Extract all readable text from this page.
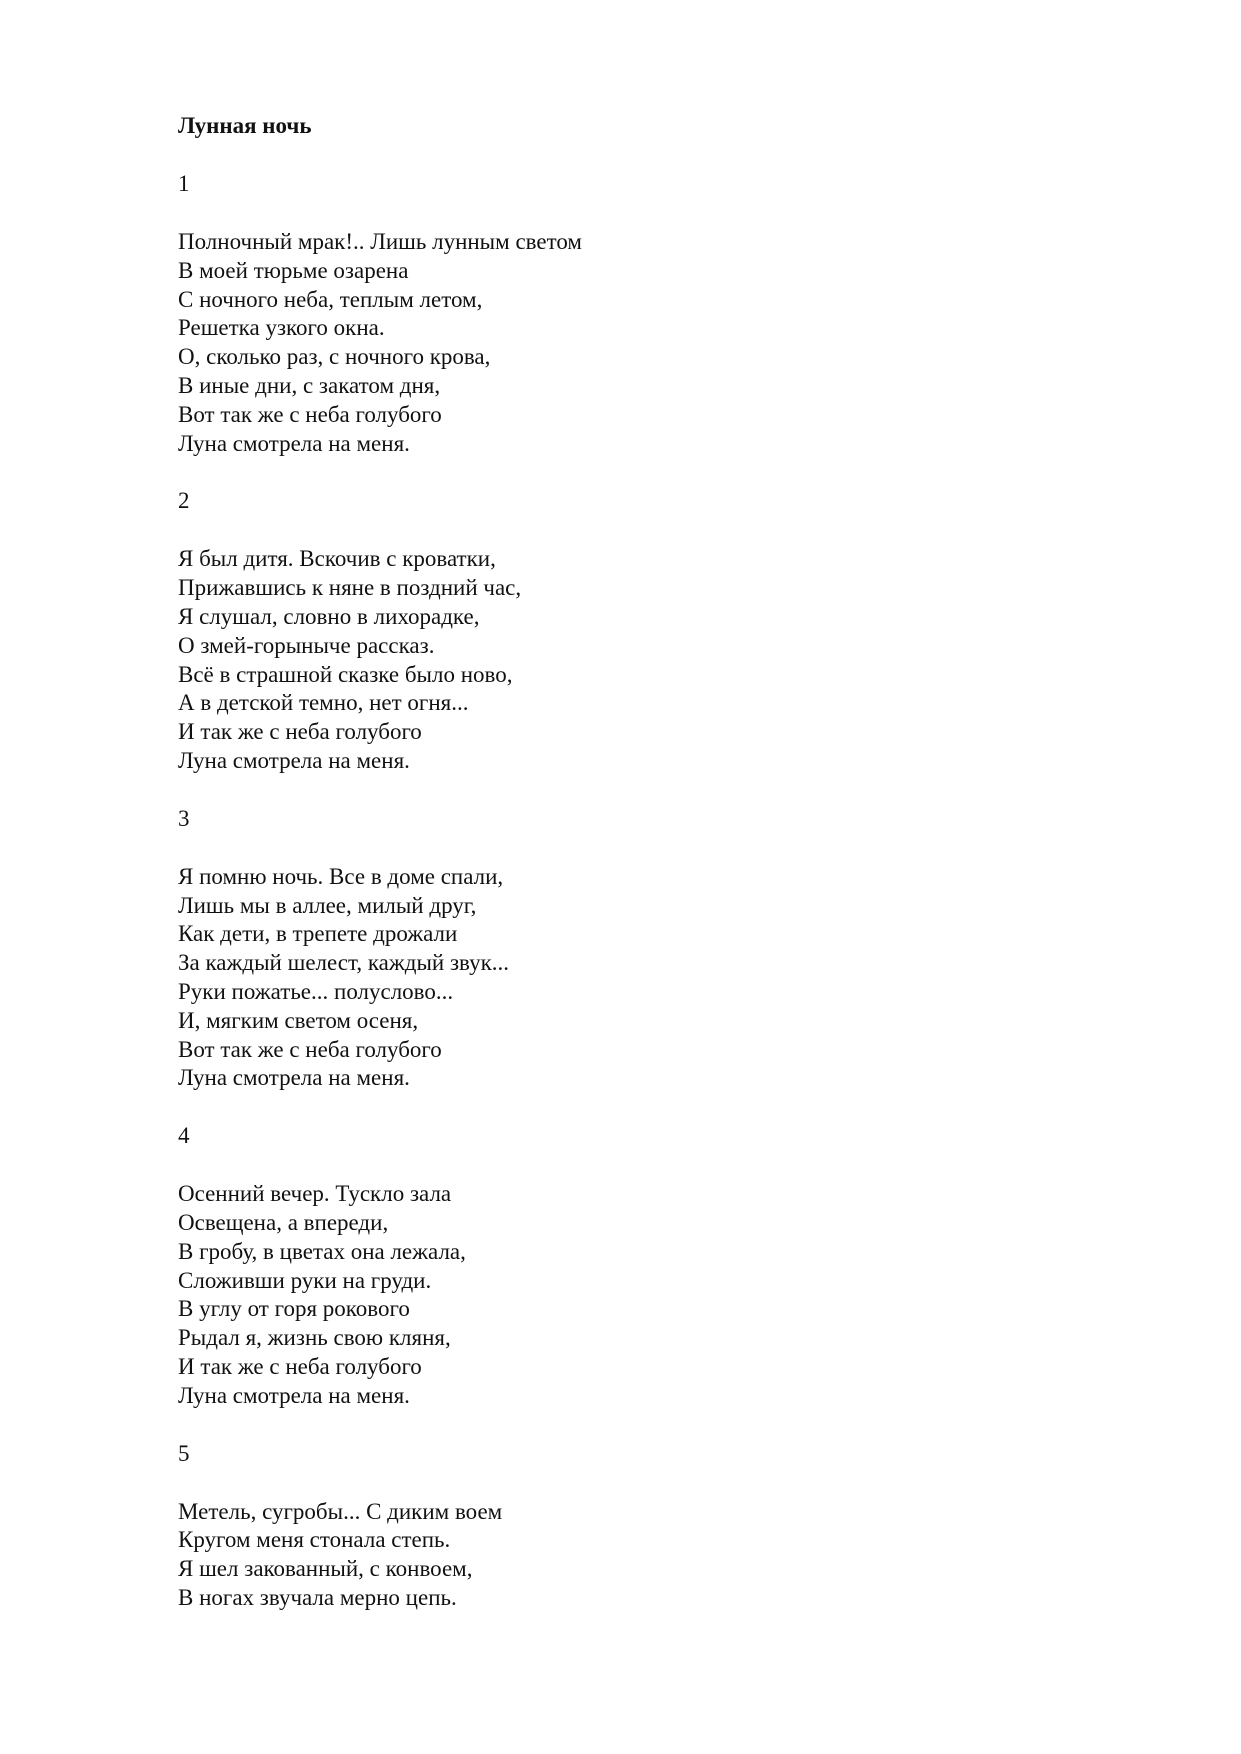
Лунная ночь
1
Полночный мрак!.. Лишь лунным светом
В моей тюрьме озарена
С ночного неба, теплым летом,
Решетка узкого окна.
О, сколько раз, с ночного крова,
В иные дни, с закатом дня,
Вот так же с неба голубого
Луна смотрела на меня.
2
Я был дитя. Вскочив с кроватки,
Прижавшись к няне в поздний час,
Я слушал, словно в лихорадке,
О змей-горыныче рассказ.
Всё в страшной сказке было ново,
А в детской темно, нет огня...
И так же с неба голубого
Луна смотрела на меня.
3
Я помню ночь. Все в доме спали,
Лишь мы в аллее, милый друг,
Как дети, в трепете дрожали
За каждый шелест, каждый звук...
Руки пожатье... полуслово...
И, мягким светом осеня,
Вот так же с неба голубого
Луна смотрела на меня.
4
Осенний вечер. Тускло зала
Освещена, а впереди,
В гробу, в цветах она лежала,
Сложивши руки на груди.
В углу от горя рокового
Рыдал я, жизнь свою кляня,
И так же с неба голубого
Луна смотрела на меня.
5
Метель, сугробы... С диким воем
Кругом меня стонала степь.
Я шел закованный, с конвоем,
В ногах звучала мерно цепь.
